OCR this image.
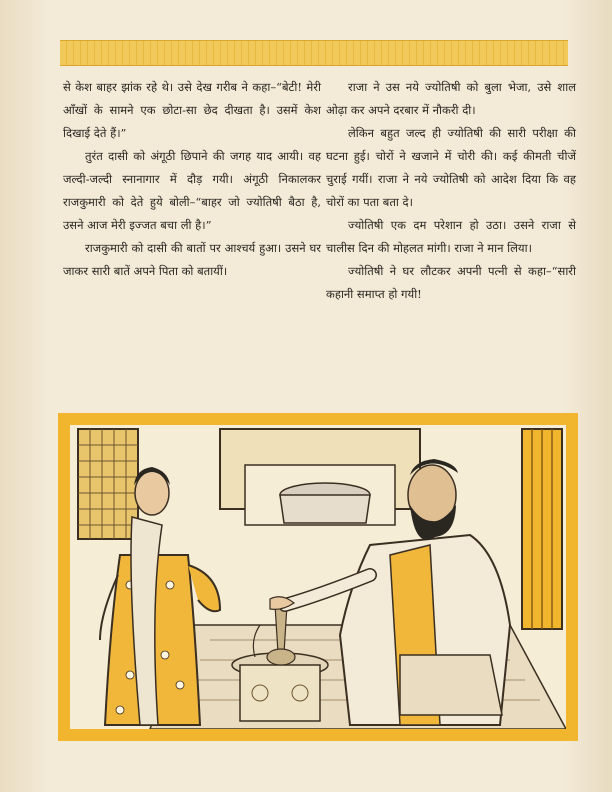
से केश बाहर झांक रहे थे। उसे देख गरीब ने कहा–“बेटी! मेरी आँखों के सामने एक छोटा-सा छेद दीखता है। उसमें केश दिखाई देते हैं।”

तुरंत दासी को अंगूठी छिपाने की जगह याद आयी। वह जल्दी-जल्दी स्नानागार में दौड़ गयी। अंगूठी निकालकर राजकुमारी को देते हुये बोली–“बाहर जो ज्योतिषी बैठा है, उसने आज मेरी इज्जत बचा ली है।”

राजकुमारी को दासी की बातों पर आश्चर्य हुआ। उसने घर जाकर सारी बातें अपने पिता को बतायीं।

राजा ने उस नये ज्योतिषी को बुला भेजा, उसे शाल ओढ़ा कर अपने दरबार में नौकरी दी।

लेकिन बहुत जल्द ही ज्योतिषी की सारी परीक्षा की घटना हुई। चोरों ने खजाने में चोरी की। कई कीमती चीजें चुराई गयीं। राजा ने नये ज्योतिषी को आदेश दिया कि वह चोरों का पता बता दे।

ज्योतिषी एक दम परेशान हो उठा। उसने राजा से चालीस दिन की मोहलत मांगी। राजा ने मान लिया।

ज्योतिषी ने घर लौटकर अपनी पत्नी से कहा–“सारी कहानी समाप्त हो गयी!
